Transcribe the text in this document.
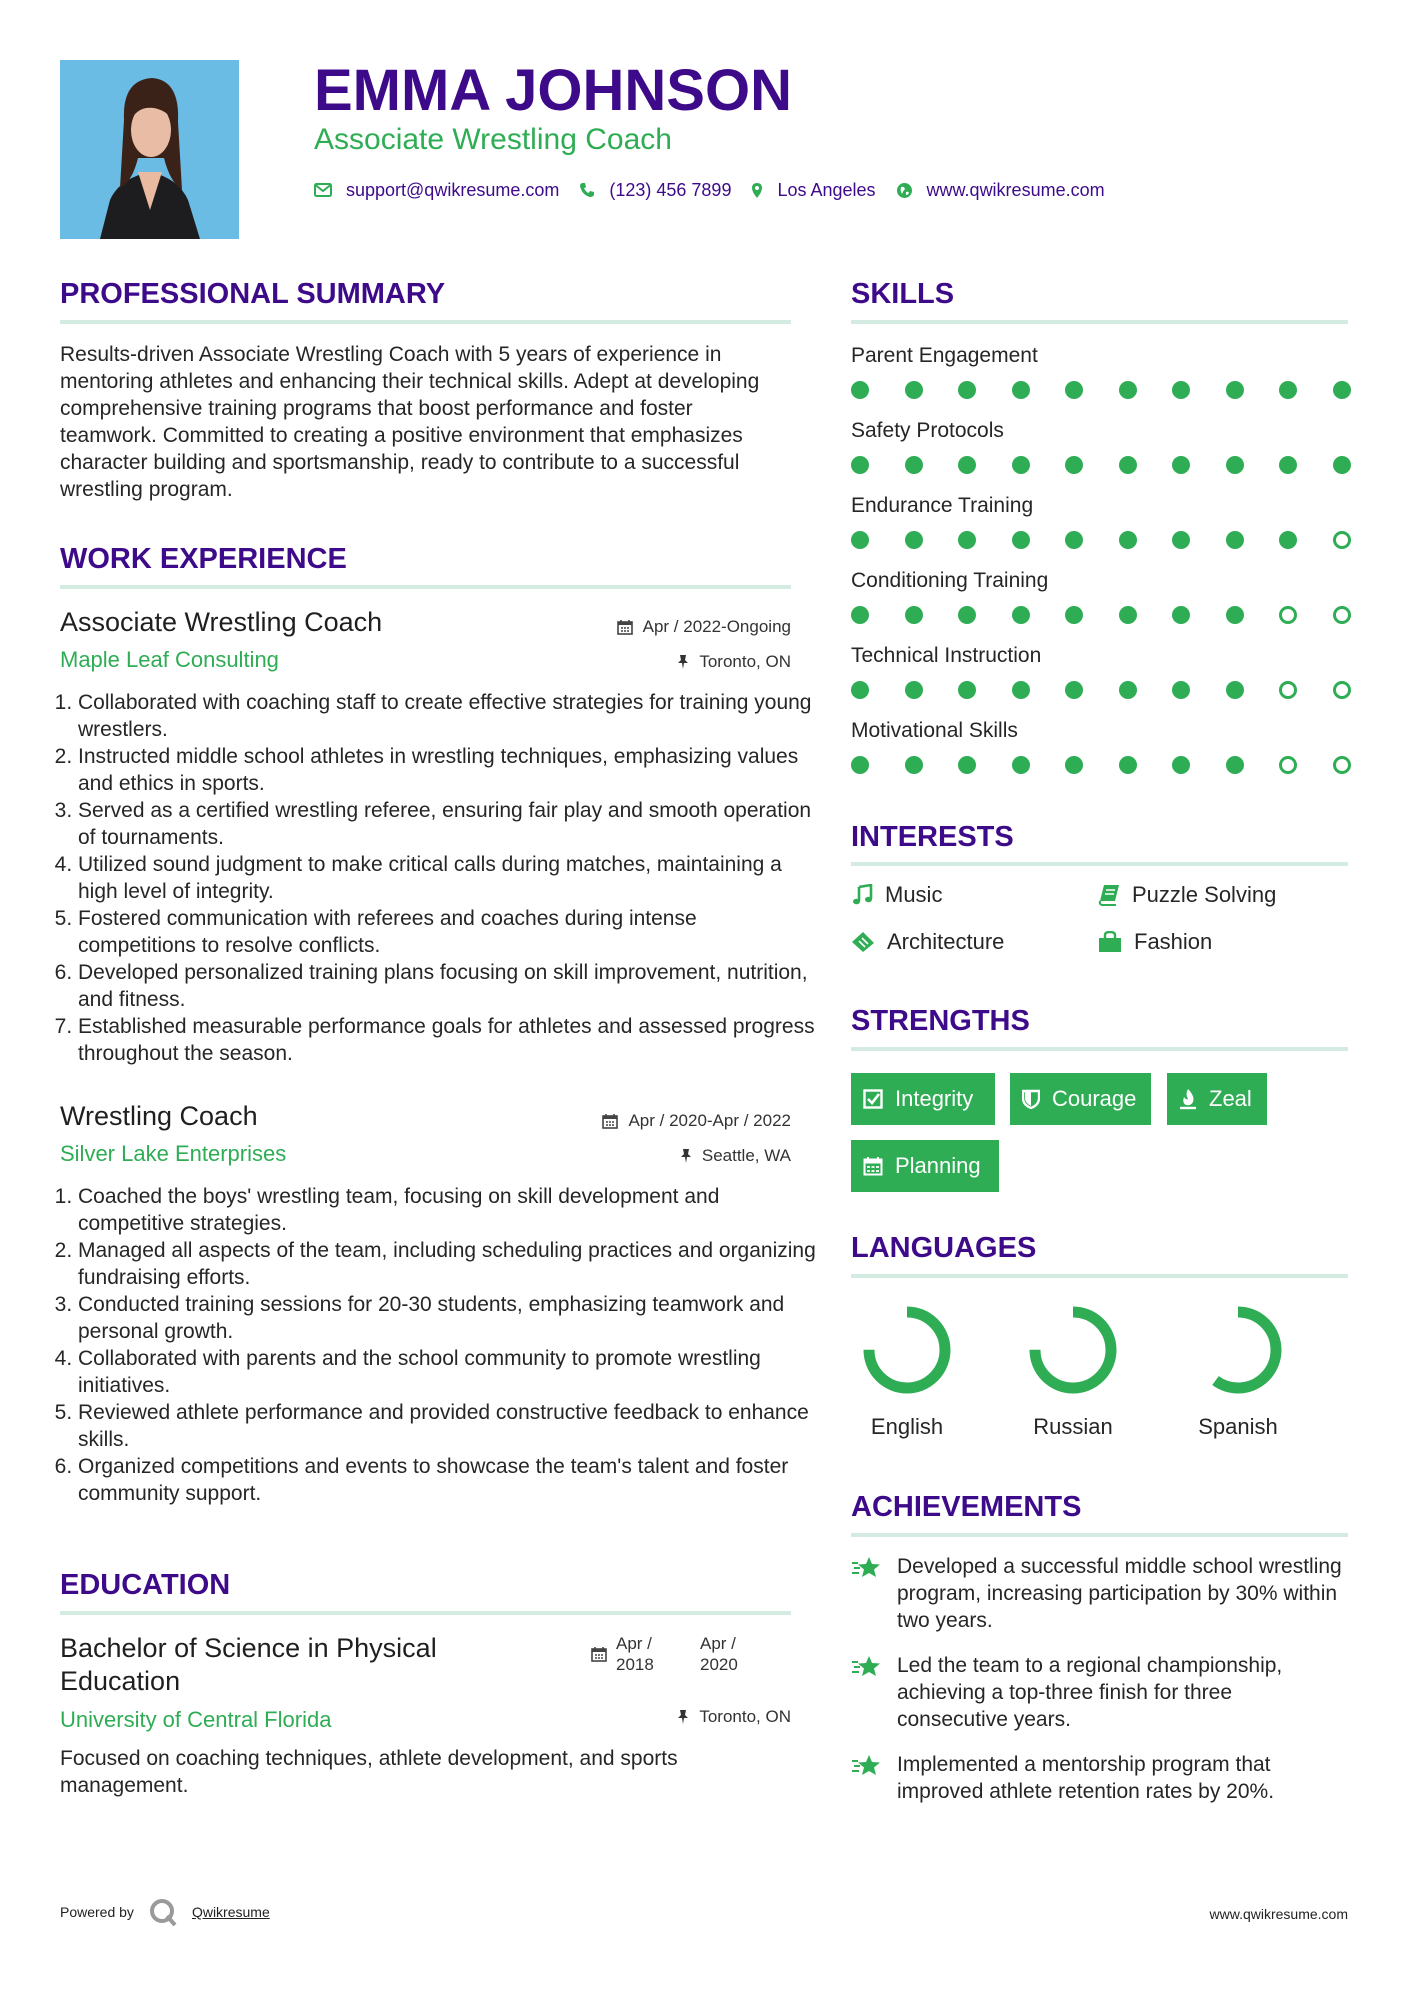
EMMA JOHNSON
Associate Wrestling Coach
support@qwikresume.com	(123) 456 7899	Los Angeles	www.qwikresume.com
PROFESSIONAL SUMMARY
Results-driven Associate Wrestling Coach with 5 years of experience in mentoring athletes and enhancing their technical skills. Adept at developing comprehensive training programs that boost performance and foster teamwork. Committed to creating a positive environment that emphasizes character building and sportsmanship, ready to contribute to a successful wrestling program.
WORK EXPERIENCE
Associate Wrestling Coach	Apr / 2022-Ongoing
Maple Leaf Consulting	Toronto, ON
1. Collaborated with coaching staff to create effective strategies for training young wrestlers.
2. Instructed middle school athletes in wrestling techniques, emphasizing values and ethics in sports.
3. Served as a certified wrestling referee, ensuring fair play and smooth operation of tournaments.
4. Utilized sound judgment to make critical calls during matches, maintaining a high level of integrity.
5. Fostered communication with referees and coaches during intense competitions to resolve conflicts.
6. Developed personalized training plans focusing on skill improvement, nutrition, and fitness.
7. Established measurable performance goals for athletes and assessed progress throughout the season.
Wrestling Coach	Apr / 2020-Apr / 2022
Silver Lake Enterprises	Seattle, WA
1. Coached the boys' wrestling team, focusing on skill development and competitive strategies.
2. Managed all aspects of the team, including scheduling practices and organizing fundraising efforts.
3. Conducted training sessions for 20-30 students, emphasizing teamwork and personal growth.
4. Collaborated with parents and the school community to promote wrestling initiatives.
5. Reviewed athlete performance and provided constructive feedback to enhance skills.
6. Organized competitions and events to showcase the team's talent and foster community support.
EDUCATION
Bachelor of Science in Physical Education
Apr / 2018
Apr / 2020
University of Central Florida	Toronto, ON
Focused on coaching techniques, athlete development, and sports management.
SKILLS
Parent Engagement
Safety Protocols
Endurance Training
Conditioning Training
Technical Instruction
Motivational Skills
INTERESTS
Music	Puzzle Solving
Architecture	Fashion
STRENGTHS
Integrity	Courage	Zeal
Planning
LANGUAGES
English	Russian	Spanish
ACHIEVEMENTS
Developed a successful middle school wrestling program, increasing participation by 30% within two years.
Led the team to a regional championship, achieving a top-three finish for three consecutive years.
Implemented a mentorship program that improved athlete retention rates by 20%.
Powered by	Qwikresume	www.qwikresume.com
